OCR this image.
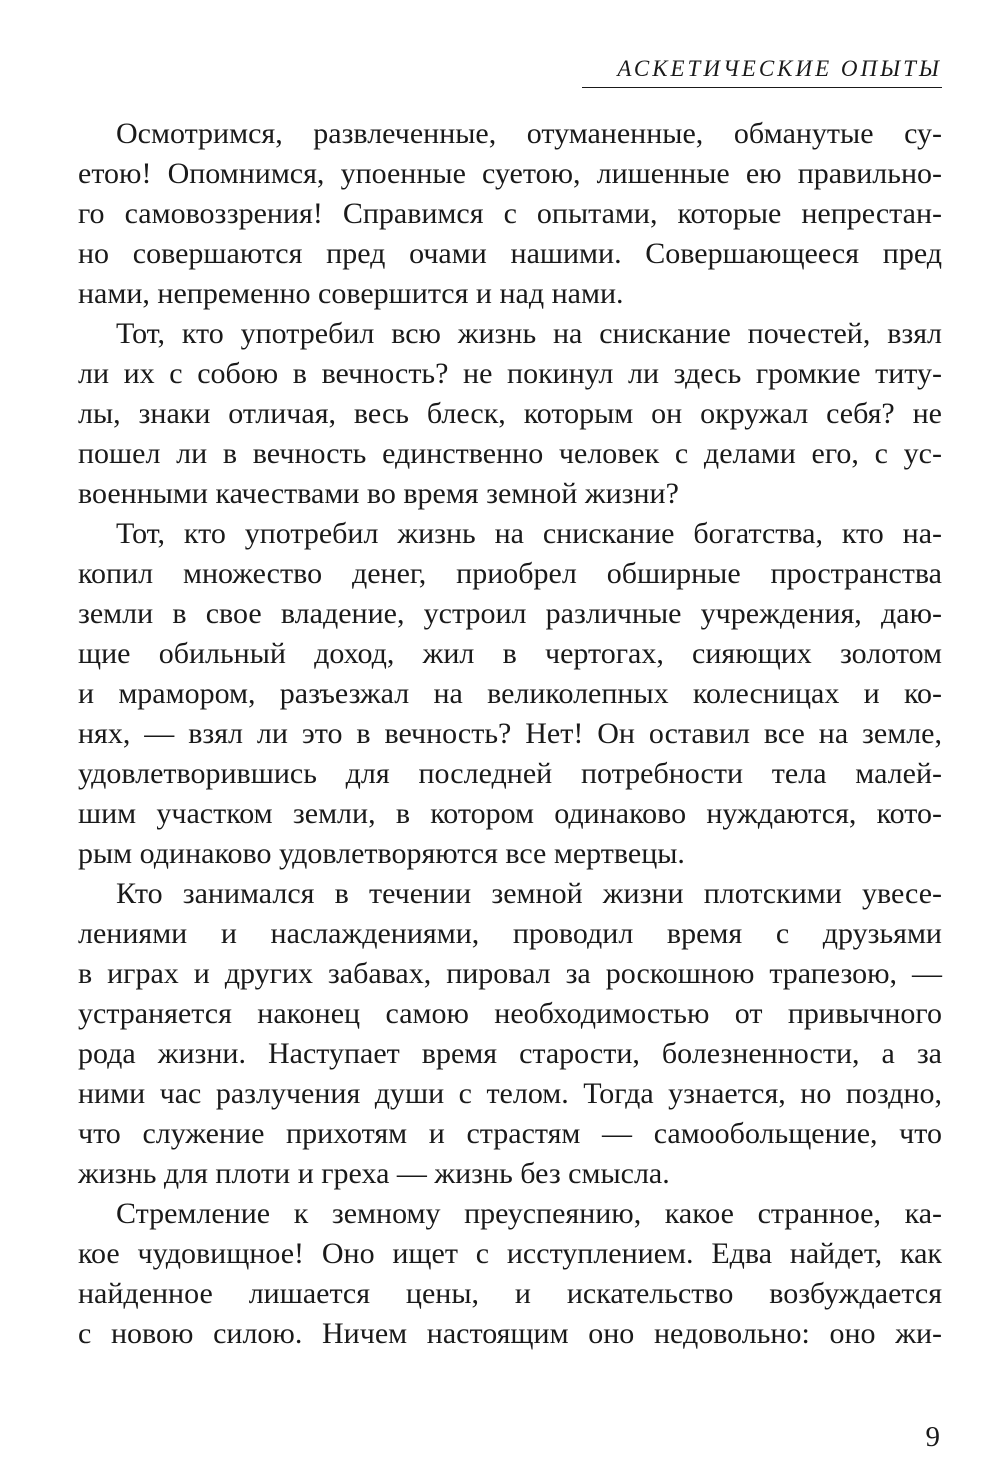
АСКЕТИЧЕСКИЕ ОПЫТЫ
Осмотримся, развлеченные, отуманенные, обманутые су-
етою! Опомнимся, упоенные суетою, лишенные ею правильно-
го самовоззрения! Справимся с опытами, которые непрестан-
но совершаются пред очами нашими. Совершающееся пред
нами, непременно совершится и над нами.
Тот, кто употребил всю жизнь на снискание почестей, взял
ли их с собою в вечность? не покинул ли здесь громкие титу-
лы, знаки отличая, весь блеск, которым он окружал себя? не
пошел ли в вечность единственно человек с делами его, с ус-
военными качествами во время земной жизни?
Тот, кто употребил жизнь на снискание богатства, кто на-
копил множество денег, приобрел обширные пространства
земли в свое владение, устроил различные учреждения, даю-
щие обильный доход, жил в чертогах, сияющих золотом
и мрамором, разъезжал на великолепных колесницах и ко-
нях, — взял ли это в вечность? Нет! Он оставил все на земле,
удовлетворившись для последней потребности тела малей-
шим участком земли, в котором одинаково нуждаются, кото-
рым одинаково удовлетворяются все мертвецы.
Кто занимался в течении земной жизни плотскими увесе-
лениями и наслаждениями, проводил время с друзьями
в играх и других забавах, пировал за роскошною трапезою, —
устраняется наконец самою необходимостью от привычного
рода жизни. Наступает время старости, болезненности, а за
ними час разлучения души с телом. Тогда узнается, но поздно,
что служение прихотям и страстям — самообольщение, что
жизнь для плоти и греха — жизнь без смысла.
Стремление к земному преуспеянию, какое странное, ка-
кое чудовищное! Оно ищет с исступлением. Едва найдет, как
найденное лишается цены, и искательство возбуждается
с новою силою. Ничем настоящим оно недовольно: оно жи-
9
